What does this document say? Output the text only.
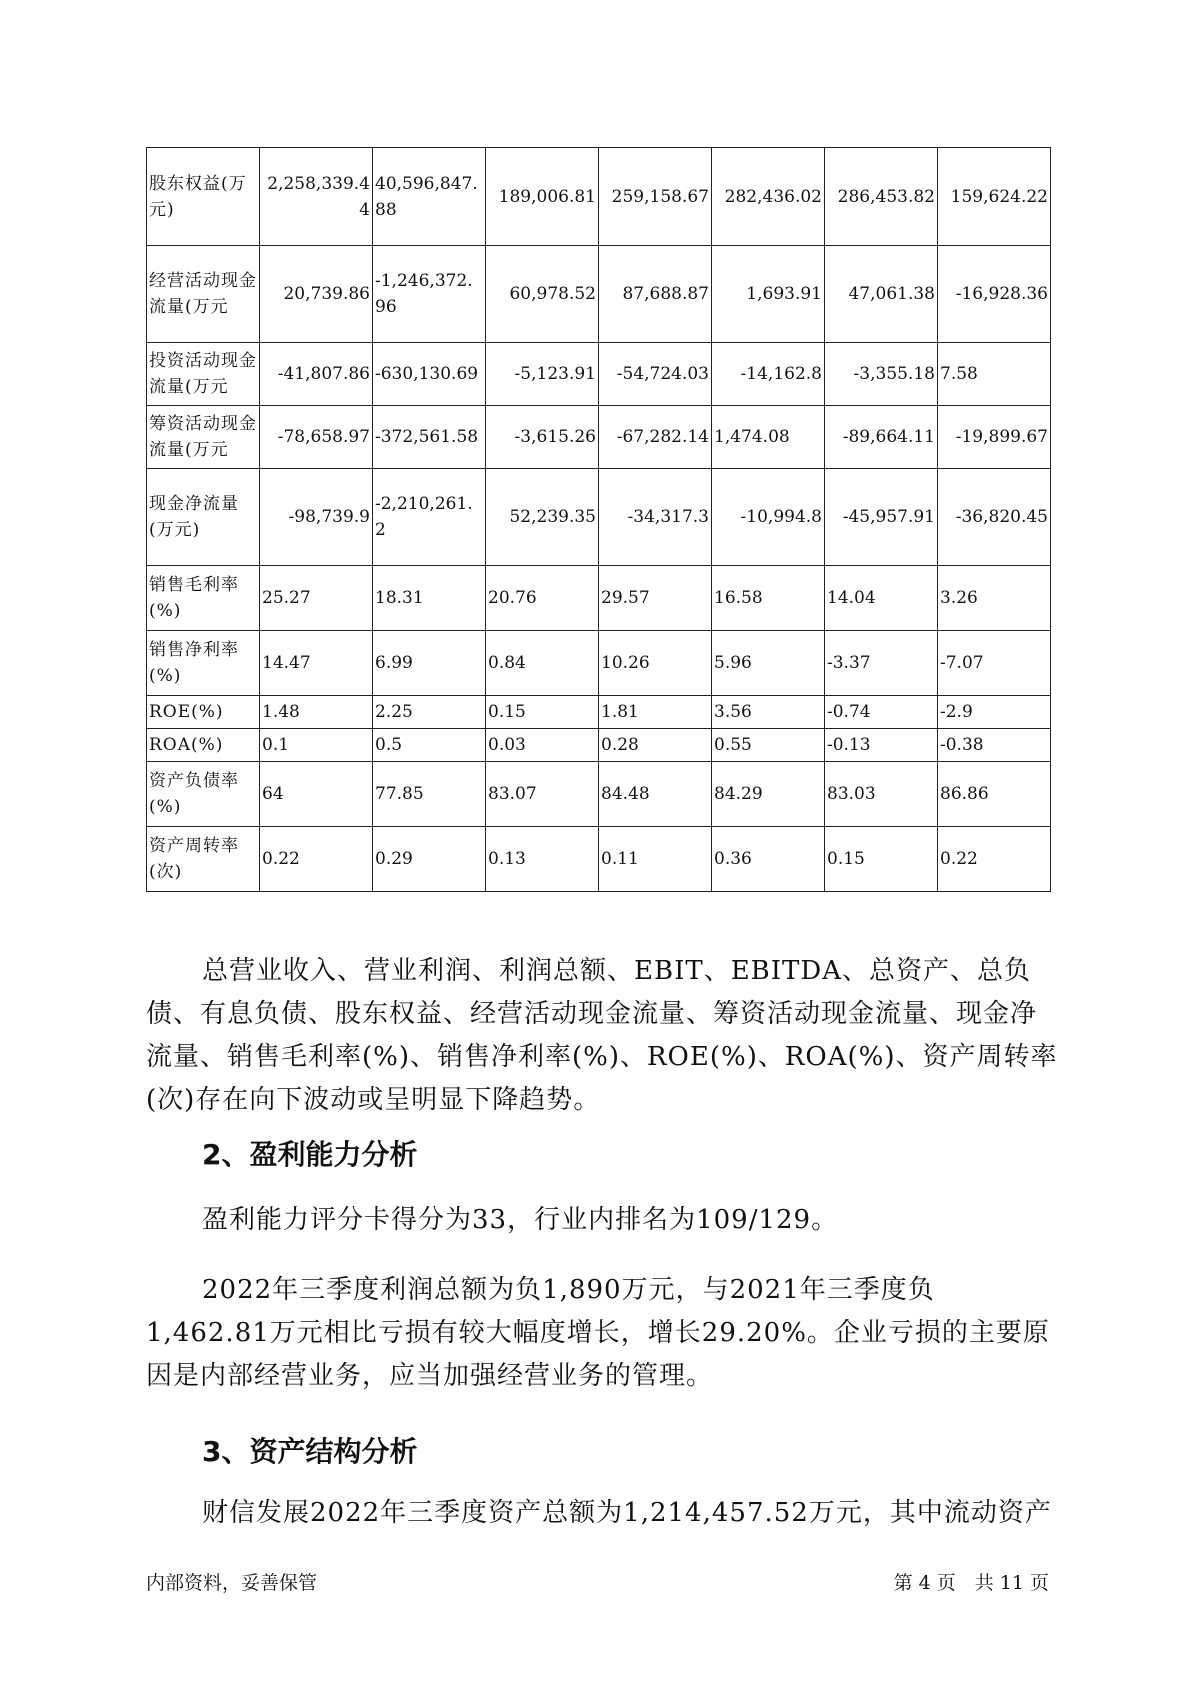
股东权益(万元)	2,258,339.44	40,596,847.88	189,006.81	259,158.67	282,436.02	286,453.82	159,624.22
经营活动现金流量(万元	20,739.86	-1,246,372.96	60,978.52	87,688.87	1,693.91	47,061.38	-16,928.36
投资活动现金流量(万元	-41,807.86	-630,130.69	-5,123.91	-54,724.03	-14,162.8	-3,355.18	7.58
筹资活动现金流量(万元	-78,658.97	-372,561.58	-3,615.26	-67,282.14	1,474.08	-89,664.11	-19,899.67
现金净流量(万元)	-98,739.9	-2,210,261.2	52,239.35	-34,317.3	-10,994.8	-45,957.91	-36,820.45
销售毛利率(%)	25.27	18.31	20.76	29.57	16.58	14.04	3.26
销售净利率(%)	14.47	6.99	0.84	10.26	5.96	-3.37	-7.07
ROE(%)	1.48	2.25	0.15	1.81	3.56	-0.74	-2.9
ROA(%)	0.1	0.5	0.03	0.28	0.55	-0.13	-0.38
资产负债率(%)	64	77.85	83.07	84.48	84.29	83.03	86.86
资产周转率(次)	0.22	0.29	0.13	0.11	0.36	0.15	0.22

总营业收入、营业利润、利润总额、EBIT、EBITDA、总资产、总负债、有息负债、股东权益、经营活动现金流量、筹资活动现金流量、现金净流量、销售毛利率(%)、销售净利率(%)、ROE(%)、ROA(%)、资产周转率(次)存在向下波动或呈明显下降趋势。

2、盈利能力分析

盈利能力评分卡得分为33，行业内排名为109/129。

2022年三季度利润总额为负1,890万元，与2021年三季度负1,462.81万元相比亏损有较大幅度增长，增长29.20%。企业亏损的主要原因是内部经营业务，应当加强经营业务的管理。

3、资产结构分析

财信发展2022年三季度资产总额为1,214,457.52万元，其中流动资产

内部资料，妥善保管	第 4 页　共 11 页
